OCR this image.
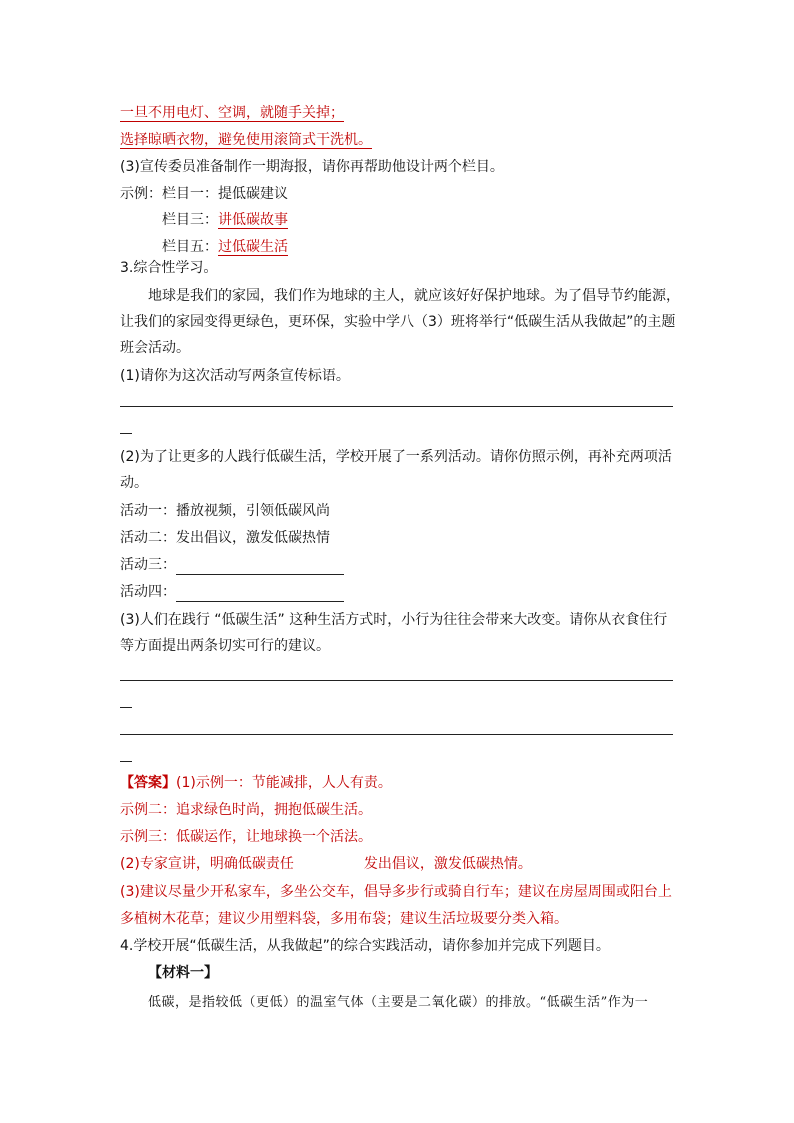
一旦不用电灯、空调，就随手关掉；
选择晾晒衣物，避免使用滚筒式干洗机。
(3)宣传委员准备制作一期海报，请你再帮助他设计两个栏目。
示例：栏目一：提低碳建议
栏目三：讲低碳故事
栏目五：过低碳生活
3.综合性学习。
地球是我们的家园，我们作为地球的主人，就应该好好保护地球。为了倡导节约能源，
让我们的家园变得更绿色，更环保，实验中学八（3）班将举行“低碳生活从我做起”的主题
班会活动。
(1)请你为这次活动写两条宣传标语。
(2)为了让更多的人践行低碳生活，学校开展了一系列活动。请你仿照示例，再补充两项活
动。
活动一：播放视频，引领低碳风尚
活动二：发出倡议，激发低碳热情
活动三：
活动四：
(3)人们在践行 “低碳生活” 这种生活方式时，小行为往往会带来大改变。请你从衣食住行
等方面提出两条切实可行的建议。
【答案】(1)示例一：节能减排，人人有责。
示例二：追求绿色时尚，拥抱低碳生活。
示例三：低碳运作，让地球换一个活法。
(2)专家宣讲，明确低碳责任	发出倡议，激发低碳热情。
(3)建议尽量少开私家车，多坐公交车，倡导多步行或骑自行车；建议在房屋周围或阳台上
多植树木花草；建议少用塑料袋，多用布袋；建议生活垃圾要分类入箱。
4.学校开展“低碳生活，从我做起”的综合实践活动，请你参加并完成下列题目。
【材料一】
低碳，是指较低（更低）的温室气体（主要是二氧化碳）的排放。“低碳生活”作为一
